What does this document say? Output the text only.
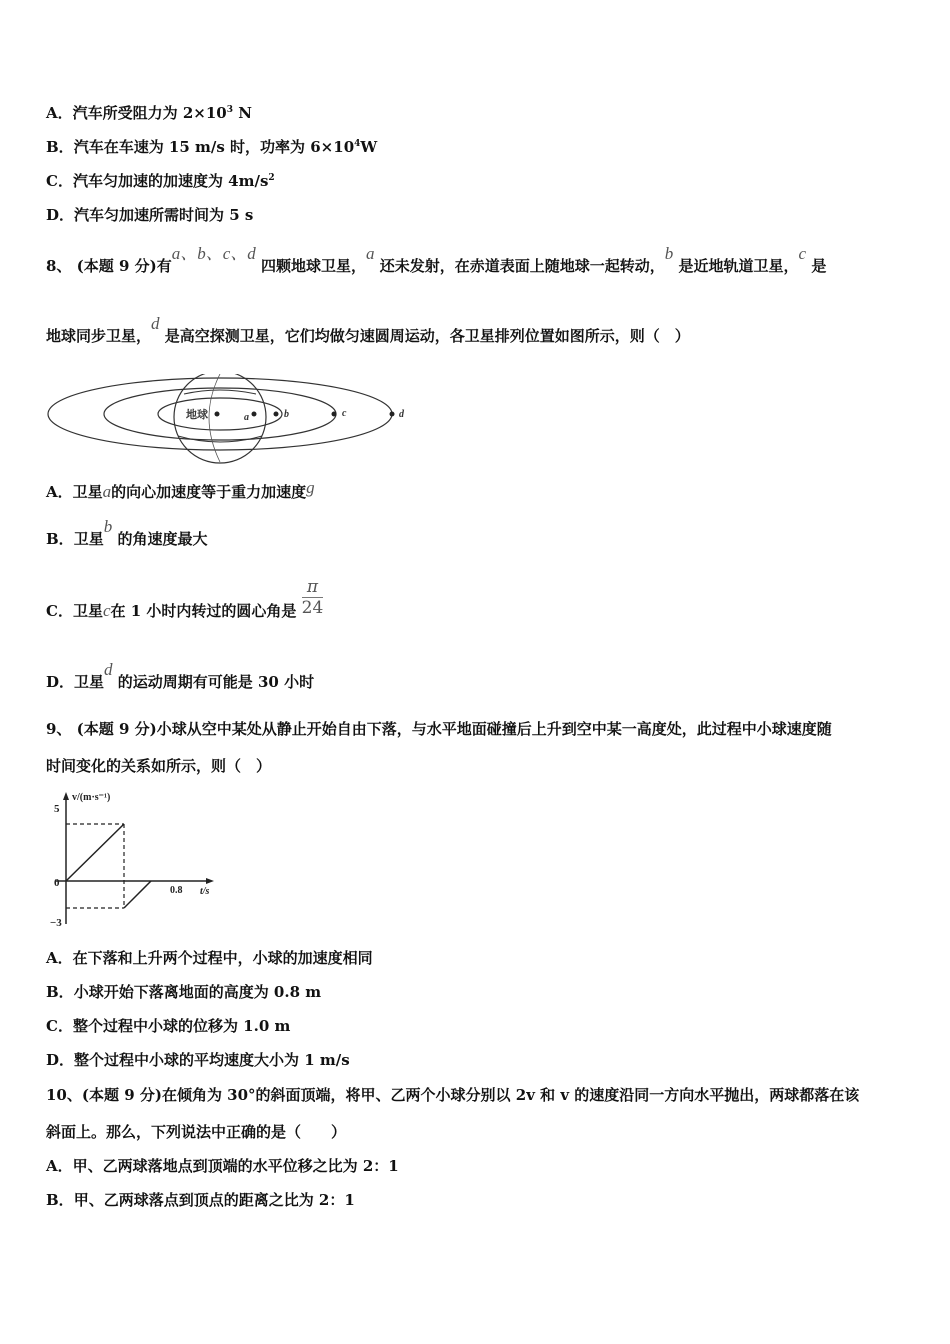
A．汽车所受阻力为 $2\times 10^3$ N
B．汽车在车速为 15 m/s 时，功率为 $6\times 10^4W$
C．汽车匀加速的加速度为 $4m/s^2$
D．汽车匀加速所需时间为 5 s
8、 (本题 9 分)有a、b、c、d 四颗地球卫星，a 还未发射，在赤道表面上随地球一起转动，b 是近地轨道卫星，c 是
地球同步卫星，d 是高空探测卫星，它们均做匀速圆周运动，各卫星排列位置如图所示，则（　）
地球	a	b	c	d
A．卫星a的向心加速度等于重力加速度g
B．卫星b 的角速度最大
C．卫星c在 1 小时内转过的圆心角是 $\frac{\pi}{24}$
D．卫星d 的运动周期有可能是 30 小时
9、 (本题 9 分)小球从空中某处从静止开始自由下落，与水平地面碰撞后上升到空中某一高度处，此过程中小球速度随
时间变化的关系如所示，则（　）
v/(m·s⁻¹)
t/s
5
0
−3
0.8
A．在下落和上升两个过程中，小球的加速度相同
B．小球开始下落离地面的高度为 0.8 m
C．整个过程中小球的位移为 1.0 m
D．整个过程中小球的平均速度大小为 1 m/s
10、(本题 9 分)在倾角为 30°的斜面顶端，将甲、乙两个小球分别以 2v 和 v 的速度沿同一方向水平抛出，两球都落在该
斜面上。那么，下列说法中正确的是（　　）
A．甲、乙两球落地点到顶端的水平位移之比为 2：1
B．甲、乙两球落点到顶点的距离之比为 2：1
